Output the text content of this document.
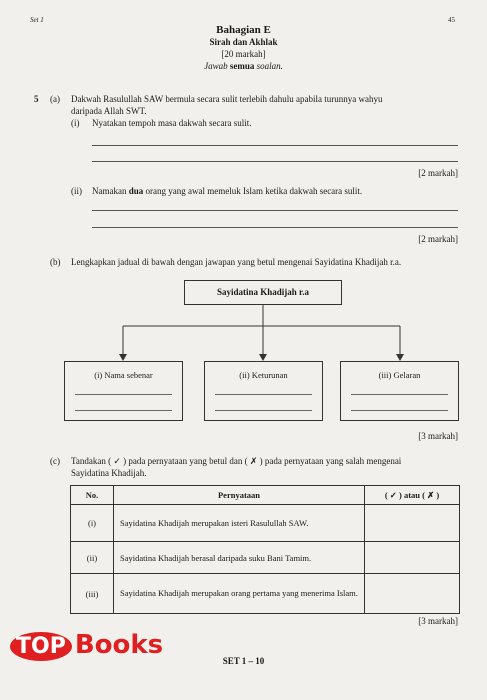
Set 1	45
Bahagian E
Sirah dan Akhlak
[20 markah]
Jawab semua soalan.
5 (a) Dakwah Rasulullah SAW bermula secara sulit terlebih dahulu apabila turunnya wahyu
daripada Allah SWT.
(i) Nyatakan tempoh masa dakwah secara sulit.
[2 markah]
(ii) Namakan dua orang yang awal memeluk Islam ketika dakwah secara sulit.
[2 markah]
(b) Lengkapkan jadual di bawah dengan jawapan yang betul mengenai Sayidatina Khadijah r.a.
Sayidatina Khadijah r.a
(i) Nama sebenar	(ii) Keturunan	(iii) Gelaran
[3 markah]
(c) Tandakan ( ✓ ) pada pernyataan yang betul dan ( ✗ ) pada pernyataan yang salah mengenai
Sayidatina Khadijah.
No.	Pernyataan	( ✓ ) atau ( ✗ )
(i)	Sayidatina Khadijah merupakan isteri Rasulullah SAW.	
(ii)	Sayidatina Khadijah berasal daripada suku Bani Tamim.	
(iii)	Sayidatina Khadijah merupakan orang pertama yang menerima Islam.	
[3 markah]
SET 1 – 10
TOP Books
